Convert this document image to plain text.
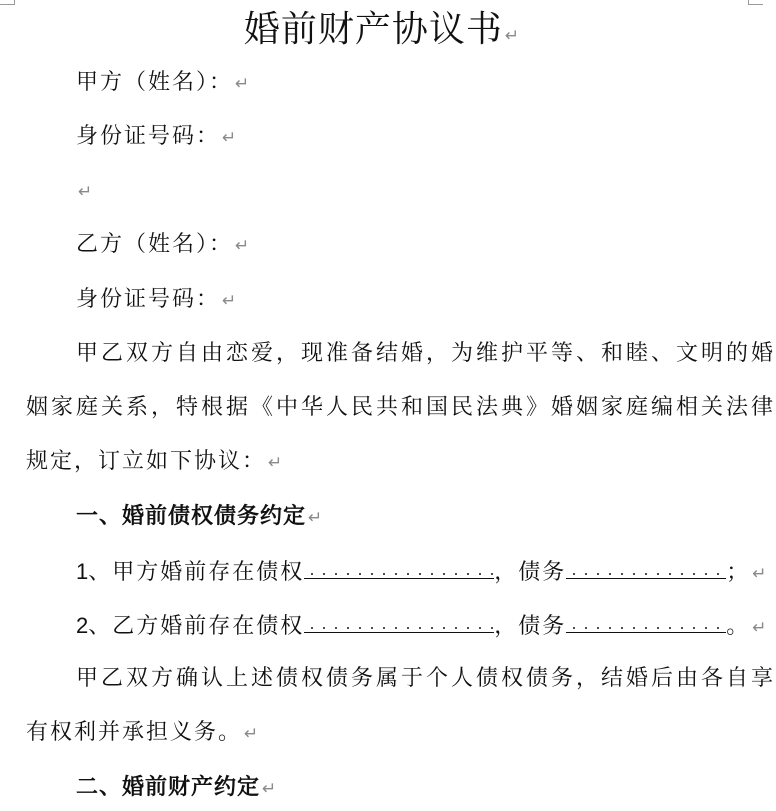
婚前财产协议书 ↵
甲方（姓名）： ↵
身份证号码： ↵
↵
乙方（姓名）： ↵
身份证号码： ↵
甲乙双方自由恋爱，现准备结婚，为维护平等、和睦、文明的婚
姻家庭关系，特根据《中华人民共和国民法典》婚姻家庭编相关法律
规定，订立如下协议： ↵
一、婚前债权债务约定 ↵
1、甲方婚前存在债权	，债务	； ↵
2、乙方婚前存在债权	，债务	。 ↵
甲乙双方确认上述债权债务属于个人债权债务，结婚后由各自享
有权利并承担义务。 ↵
二、婚前财产约定 ↵
